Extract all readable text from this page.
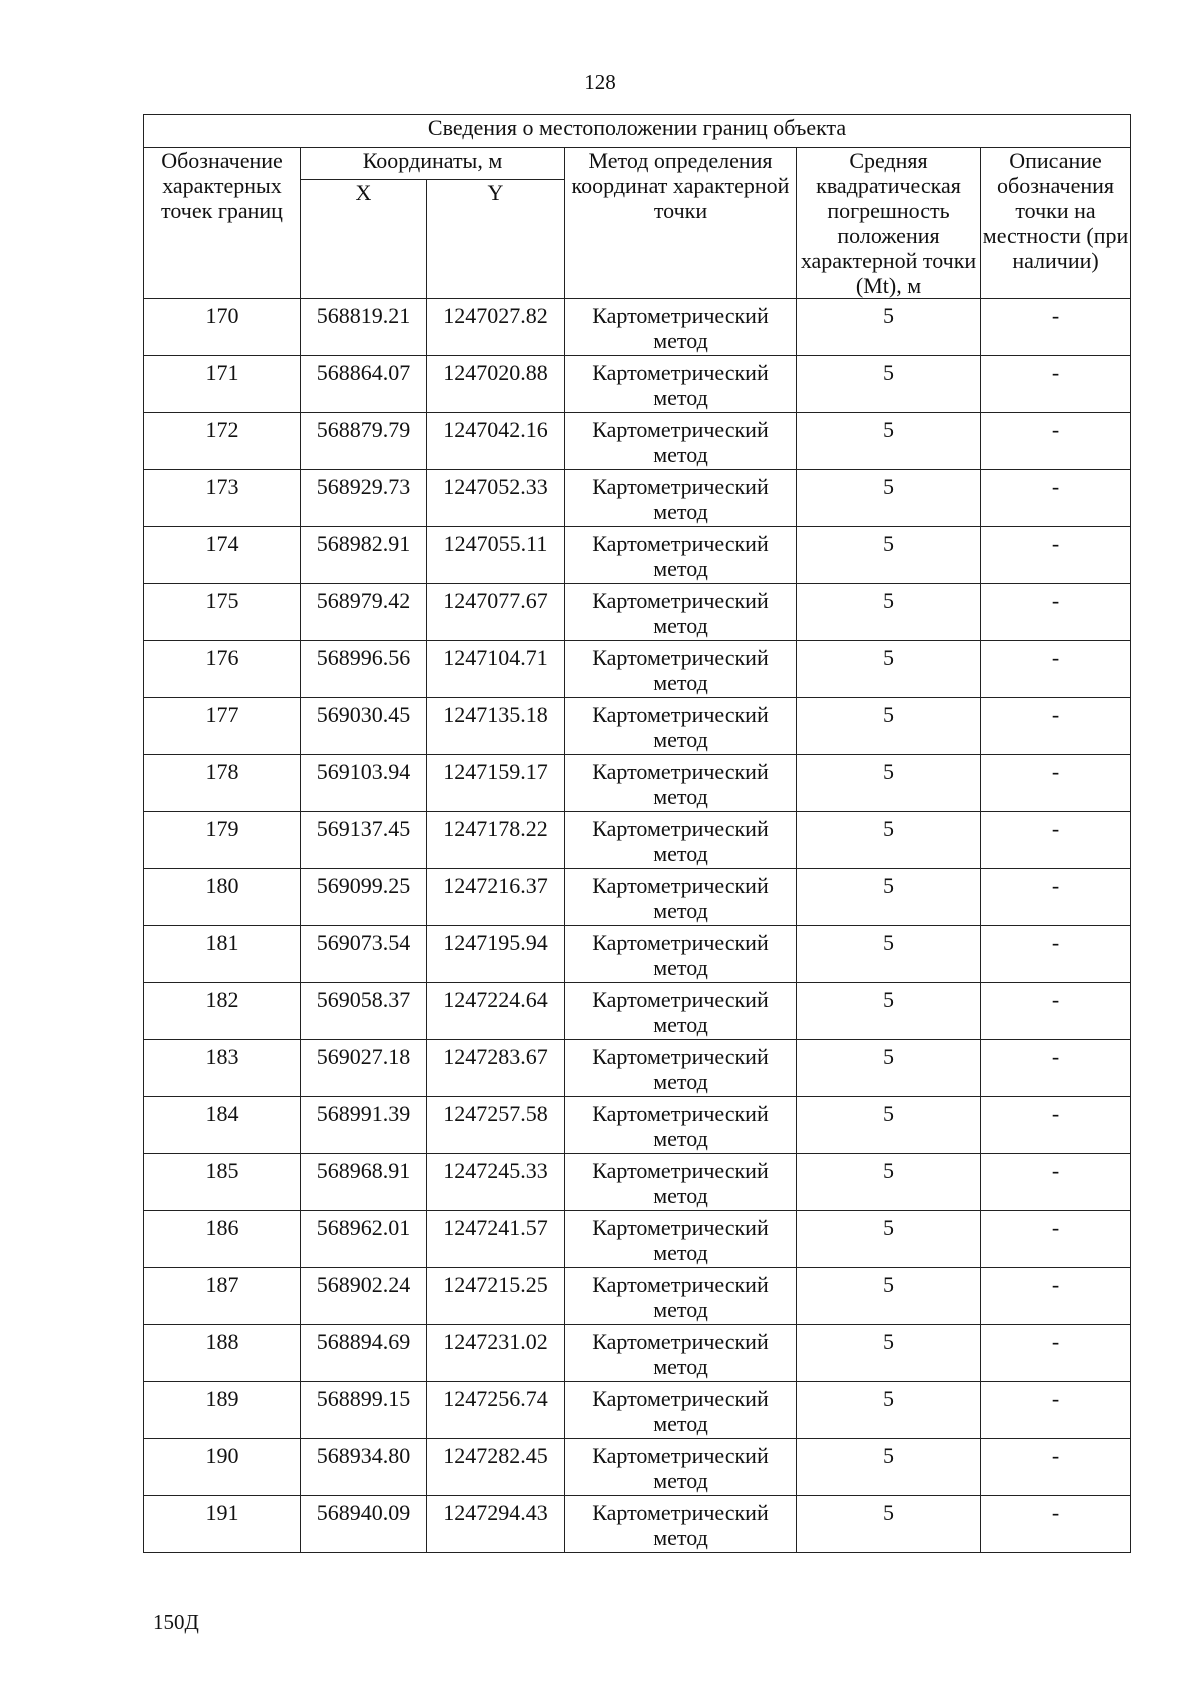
128
Сведения о местоположении границ объекта					
Обозначение характерных точек границ	Координаты, м		Метод определения координат характерной точки	Средняя квадратическая погрешность положения характерной точки (Mt), м	Описание обозначения точки на местности (при наличии)
	X	Y			
170	568819.21	1247027.82	Картометрический метод	5	-
171	568864.07	1247020.88	Картометрический метод	5	-
172	568879.79	1247042.16	Картометрический метод	5	-
173	568929.73	1247052.33	Картометрический метод	5	-
174	568982.91	1247055.11	Картометрический метод	5	-
175	568979.42	1247077.67	Картометрический метод	5	-
176	568996.56	1247104.71	Картометрический метод	5	-
177	569030.45	1247135.18	Картометрический метод	5	-
178	569103.94	1247159.17	Картометрический метод	5	-
179	569137.45	1247178.22	Картометрический метод	5	-
180	569099.25	1247216.37	Картометрический метод	5	-
181	569073.54	1247195.94	Картометрический метод	5	-
182	569058.37	1247224.64	Картометрический метод	5	-
183	569027.18	1247283.67	Картометрический метод	5	-
184	568991.39	1247257.58	Картометрический метод	5	-
185	568968.91	1247245.33	Картометрический метод	5	-
186	568962.01	1247241.57	Картометрический метод	5	-
187	568902.24	1247215.25	Картометрический метод	5	-
188	568894.69	1247231.02	Картометрический метод	5	-
189	568899.15	1247256.74	Картометрический метод	5	-
190	568934.80	1247282.45	Картометрический метод	5	-
191	568940.09	1247294.43	Картометрический метод	5	-
150Д
